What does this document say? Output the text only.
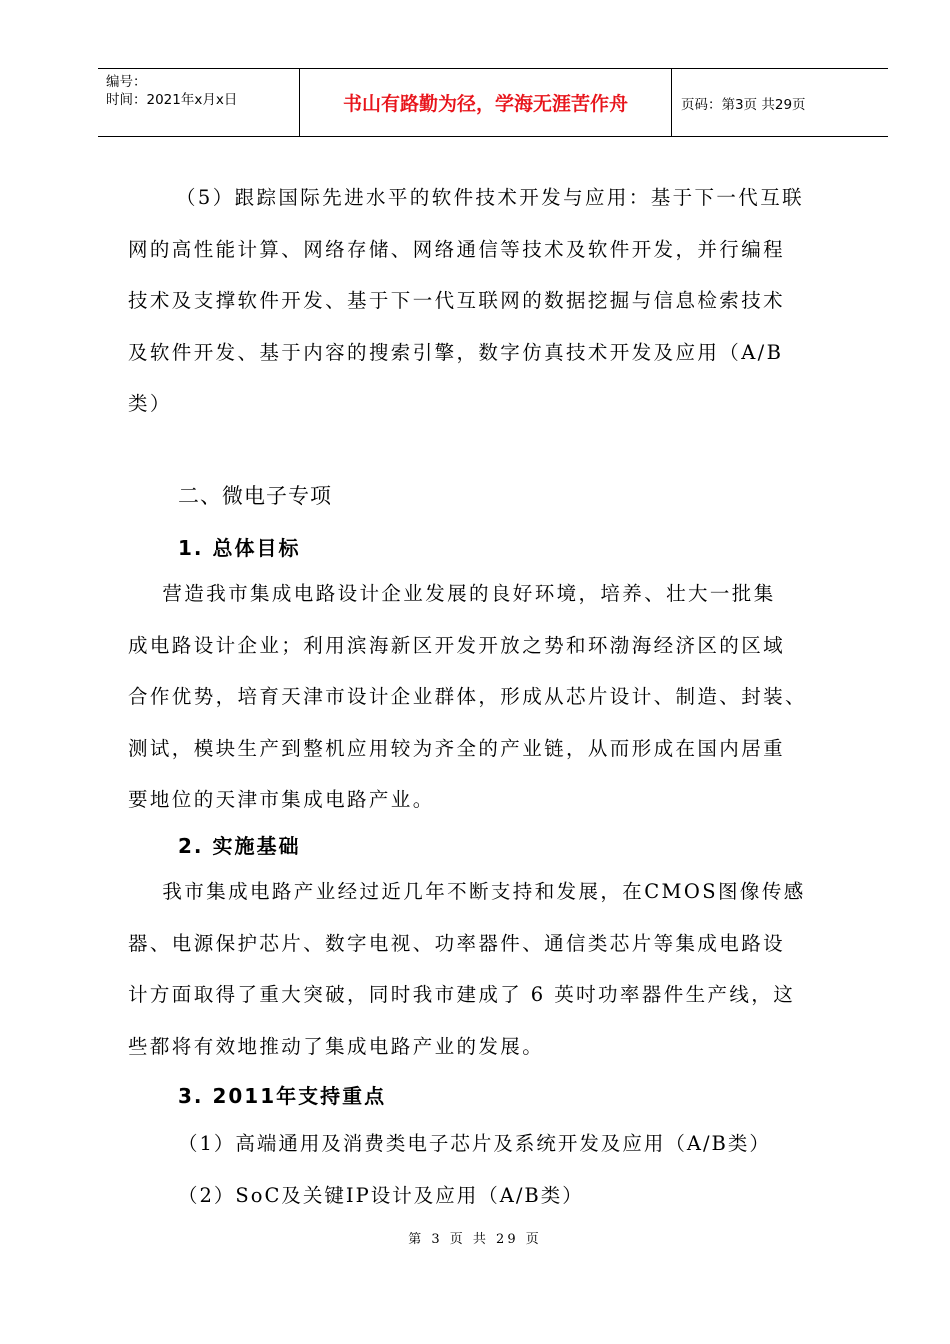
编号：
时间：2021年x月x日	书山有路勤为径，学海无涯苦作舟	页码：第3页 共29页

（5）跟踪国际先进水平的软件技术开发与应用：基于下一代互联

网的高性能计算、网络存储、网络通信等技术及软件开发，并行编程

技术及支撑软件开发、基于下一代互联网的数据挖掘与信息检索技术

及软件开发、基于内容的搜索引擎，数字仿真技术开发及应用（A/B

类）

二、微电子专项
1. 总体目标

营造我市集成电路设计企业发展的良好环境，培养、壮大一批集

成电路设计企业；利用滨海新区开发开放之势和环渤海经济区的区域

合作优势，培育天津市设计企业群体，形成从芯片设计、制造、封装、

测试，模块生产到整机应用较为齐全的产业链，从而形成在国内居重

要地位的天津市集成电路产业。

2. 实施基础

我市集成电路产业经过近几年不断支持和发展，在CMOS图像传感

器、电源保护芯片、数字电视、功率器件、通信类芯片等集成电路设

计方面取得了重大突破，同时我市建成了 6 英吋功率器件生产线，这

些都将有效地推动了集成电路产业的发展。

3. 2011年支持重点
（1）高端通用及消费类电子芯片及系统开发及应用（A/B类）
（2）SoC及关键IP设计及应用（A/B类）
第 3 页 共 29 页
